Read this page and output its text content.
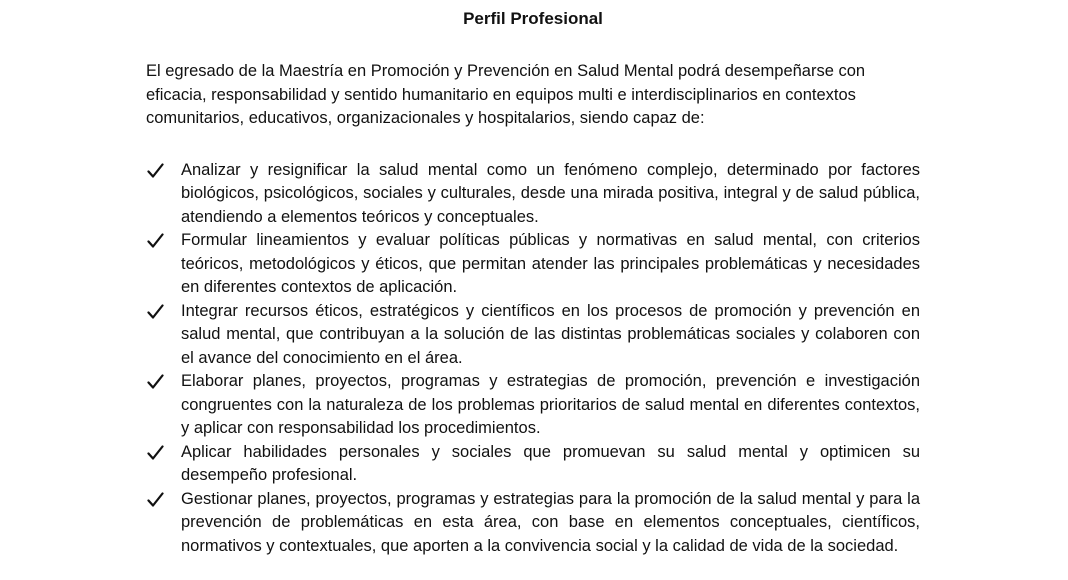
Perfil Profesional

El egresado de la Maestría en Promoción y Prevención en Salud Mental podrá desempeñarse con eficacia, responsabilidad y sentido humanitario en equipos multi e interdisciplinarios en contextos comunitarios, educativos, organizacionales y hospitalarios, siendo capaz de:

Analizar y resignificar la salud mental como un fenómeno complejo, determinado por factores biológicos, psicológicos, sociales y culturales, desde una mirada positiva, integral y de salud pública, atendiendo a elementos teóricos y conceptuales.
Formular lineamientos y evaluar políticas públicas y normativas en salud mental, con criterios teóricos, metodológicos y éticos, que permitan atender las principales problemáticas y necesidades en diferentes contextos de aplicación.
Integrar recursos éticos, estratégicos y científicos en los procesos de promoción y prevención en salud mental, que contribuyan a la solución de las distintas problemáticas sociales y colaboren con el avance del conocimiento en el área.
Elaborar planes, proyectos, programas y estrategias de promoción, prevención e investigación congruentes con la naturaleza de los problemas prioritarios de salud mental en diferentes contextos, y aplicar con responsabilidad los procedimientos.
Aplicar habilidades personales y sociales que promuevan su salud mental y optimicen su desempeño profesional.
Gestionar planes, proyectos, programas y estrategias para la promoción de la salud mental y para la prevención de problemáticas en esta área, con base en elementos conceptuales, científicos, normativos y contextuales, que aporten a la convivencia social y la calidad de vida de la sociedad.
